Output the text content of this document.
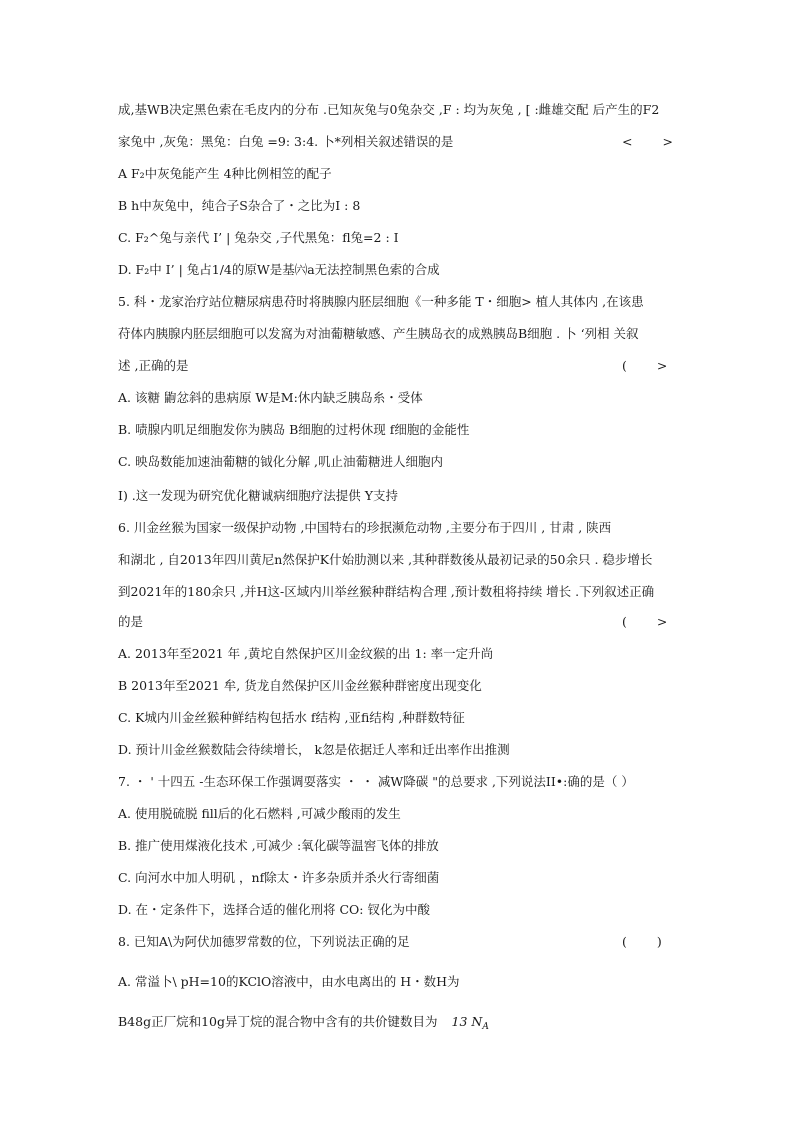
成,基WB决定黑色索在毛皮内的分布 .已知灰兔与0兔杂交 ,F : 均为灰兔 , [ :雌雄交配 后产生的F2
家兔中 ,灰兔：黑兔：白兔 =9: 3:4. 卜*列相关叙述错误的是	< >
A F₂中灰兔能产生 4种比例相笠的配子
B h中灰兔中，纯合子S杂合了・之比为I : 8
C. F₂^兔与亲代 I’ | 兔杂交 ,子代黑兔：fl兔=2 : I
D. F₂中 I’ | 兔占1/4的原W是基㈥a无法控制黑色索的合成
5. 科・龙家治疗站位糖尿病患苻时将胰腺内胚层细胞《一种多能 T・细胞> 植人其体内 ,在该患
苻体内胰腺内胚层细胞可以发窩为对油葡糖敏感、产生胰岛衣的成熟胰岛B细胞 . 卜 ‘列相 关叙
述 ,正确的是	( >
A. 该糖 鼩忿斜的患病原 W是M:休内缺乏胰岛糸・受体
B. 啧腺内叽足细胞发你为胰岛 B细胞的过枵休现 f细胞的金能性
C. 映岛数能加速油葡糖的钺化分解 ,叽止油葡糖进人细胞内
I) .这一发现为研究优化糖诚病细胞疗法提供 Y支持
6. 川金丝猴为国家一级保护动物 ,中国特右的珍抿濒危动物 ,主要分布于四川 , 甘肃 , 陕西
和湖北 , 自2013年四川黄尼n然保护K什始肋测以来 ,其种群数後从最初记录的50余只 . 稳步增长
到2021年的180余只 ,并H这-区域内川举丝猴种群结构合理 ,预计数租将持续 增长 .下列叙述正确
的是	( >
A. 2013年至2021 年 ,黄坨自然保护区川金纹猴的出 1: 率一定升尚
B 2013年至2021 牟, 货龙自然保护区川金丝猴种群密度出现变化
C. K城内川金丝猴种鲜结构包括水 f结构 ,亚fi结构 ,种群数特征
D. 预计川金丝猴数陆会待续增长， k忽是依据迁人率和迁出率作出推测
7. ・ ' 十四五 -生态环保工作强调耍落实 ・ ・ 减W降碳 "的总要求 ,下列说法II•:确的是（ ）
A. 使用脱硫脱 fill后的化石燃料 ,可减少酸雨的发生
B. 推广使用煤液化技术 ,可减少 :氧化碳等温窖飞体的排放
C. 向河水中加人明矶 ，nf除太・许多杂质并杀火行寄细菌
D. 在・定条件下，选择合适的催化刑将 CO: 钗化为中酸
8. 已知A\为阿伏加德罗常数的位，下列说法正确的足	( )
A. 常溢卜\ pH=10的KClO溶液中，由水电离出的 H・数H为
B48g正厂烷和10g异丁烷的混合物中含有的共价键数目为 13 $N_A$
